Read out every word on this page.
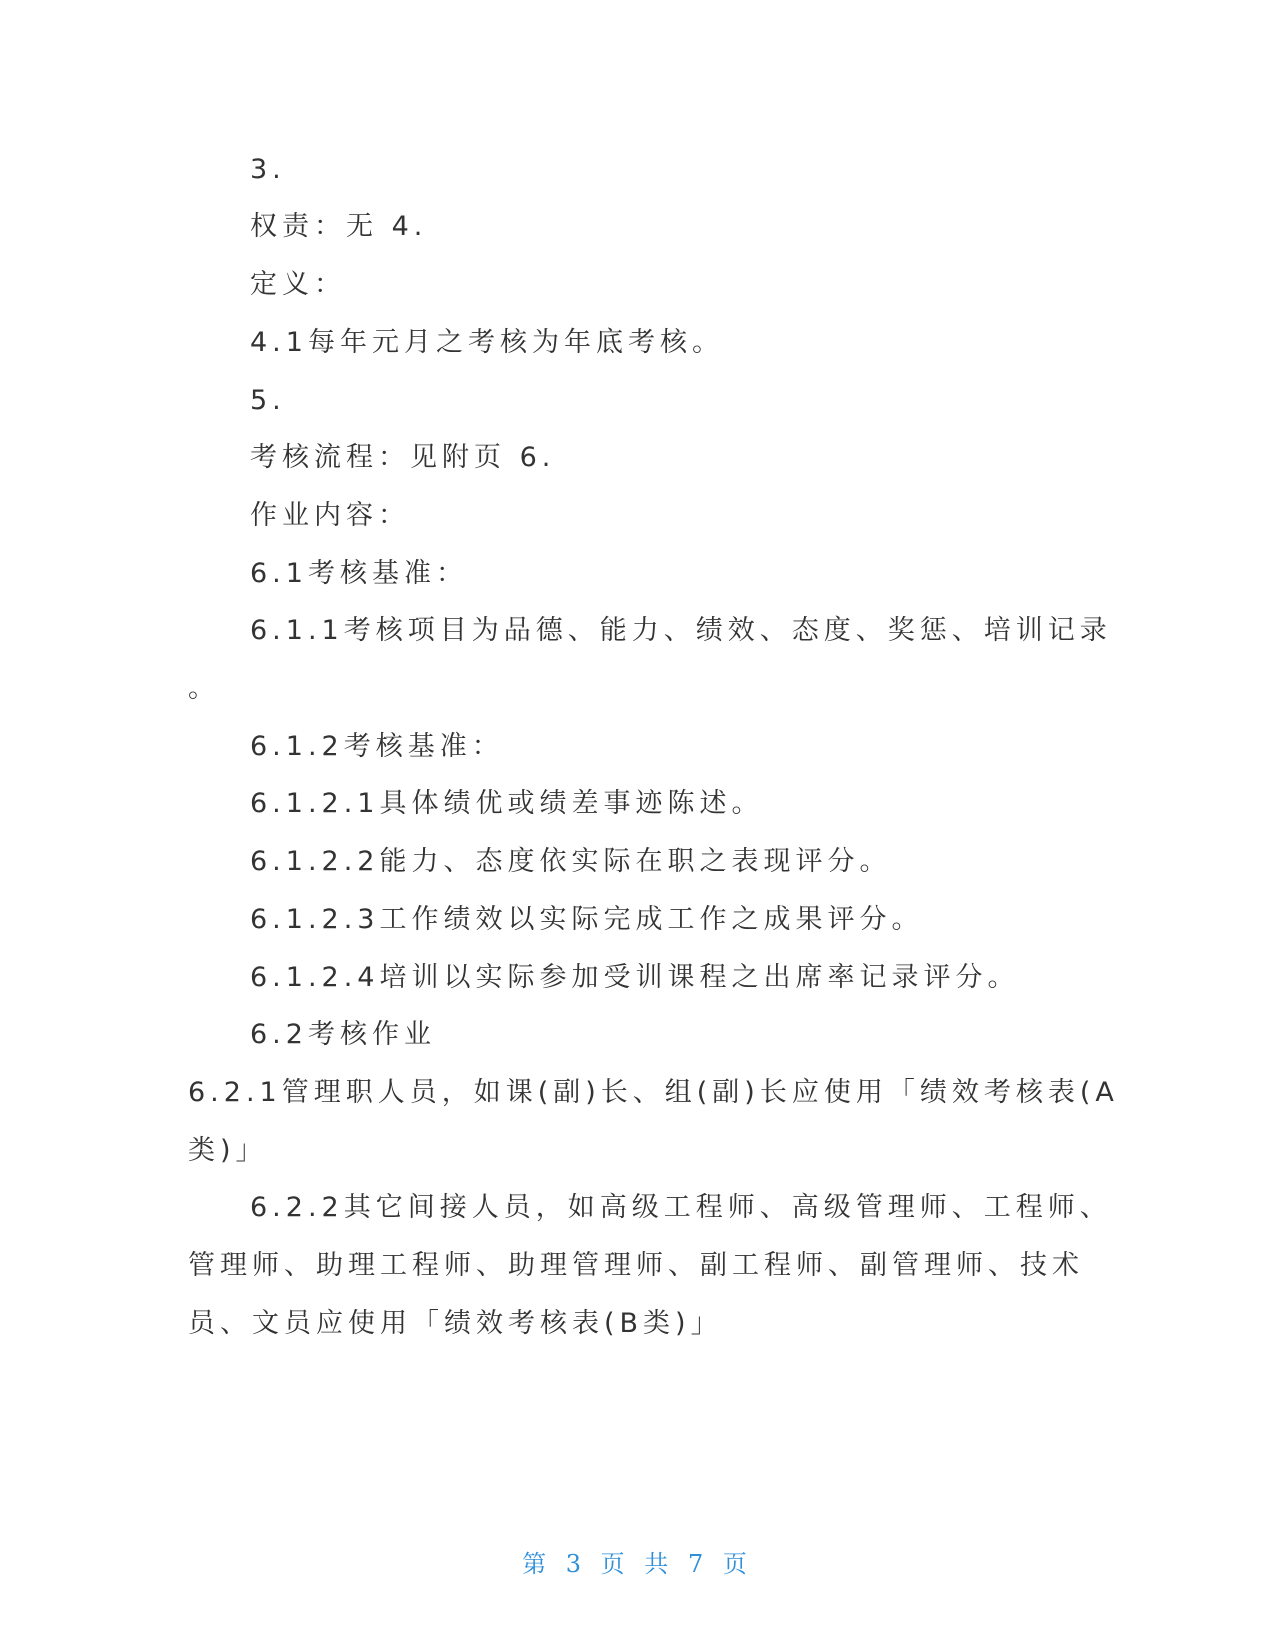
3.
权责：无 4.
定义：
4.1每年元月之考核为年底考核。
5.
考核流程：见附页 6.
作业内容：
6.1考核基准：
6.1.1考核项目为品德、能力、绩效、态度、奖惩、培训记录
。
6.1.2考核基准：
6.1.2.1具体绩优或绩差事迹陈述。
6.1.2.2能力、态度依实际在职之表现评分。
6.1.2.3工作绩效以实际完成工作之成果评分。
6.1.2.4培训以实际参加受训课程之出席率记录评分。
6.2考核作业
6.2.1管理职人员，如课(副)长、组(副)长应使用「绩效考核表(A
类)」
6.2.2其它间接人员，如高级工程师、高级管理师、工程师、
管理师、助理工程师、助理管理师、副工程师、副管理师、技术
员、文员应使用「绩效考核表(B类)」
第 3 页 共 7 页
